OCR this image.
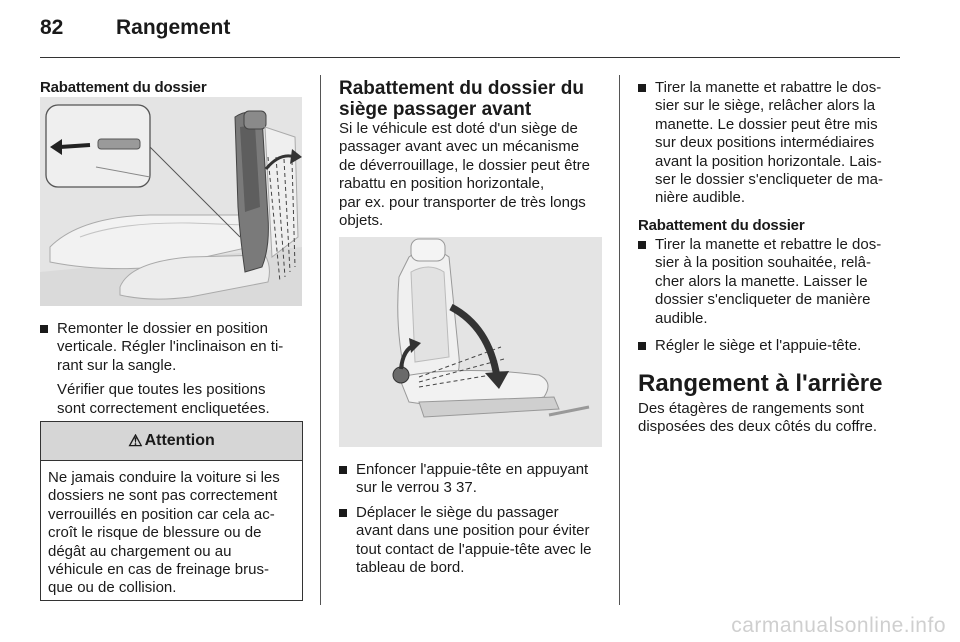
82	Rangement
Rabattement du dossier
Remonter le dossier en position
verticale. Régler l'inclinaison en ti-
rant sur la sangle.
Vérifier que toutes les positions
sont correctement encliquetées.
⚠ Attention
Ne jamais conduire la voiture si les
dossiers ne sont pas correctement
verrouillés en position car cela ac-
croît le risque de blessure ou de
dégât au chargement ou au
véhicule en cas de freinage brus-
que ou de collision.
Rabattement du dossier du
siège passager avant
Si le véhicule est doté d'un siège de
passager avant avec un mécanisme
de déverrouillage, le dossier peut être
rabattu en position horizontale,
par ex. pour transporter de très longs
objets.
Enfoncer l'appuie-tête en appuyant
sur le verrou 3 37.
Déplacer le siège du passager
avant dans une position pour éviter
tout contact de l'appuie-tête avec le
tableau de bord.
Tirer la manette et rabattre le dos-
sier sur le siège, relâcher alors la
manette. Le dossier peut être mis
sur deux positions intermédiaires
avant la position horizontale. Lais-
ser le dossier s'encliqueter de ma-
nière audible.
Rabattement du dossier
Tirer la manette et rebattre le dos-
sier à la position souhaitée, relâ-
cher alors la manette. Laisser le
dossier s'encliqueter de manière
audible.
Régler le siège et l'appuie-tête.
Rangement à l'arrière
Des étagères de rangements sont
disposées des deux côtés du coffre.
carmanualsonline.info
